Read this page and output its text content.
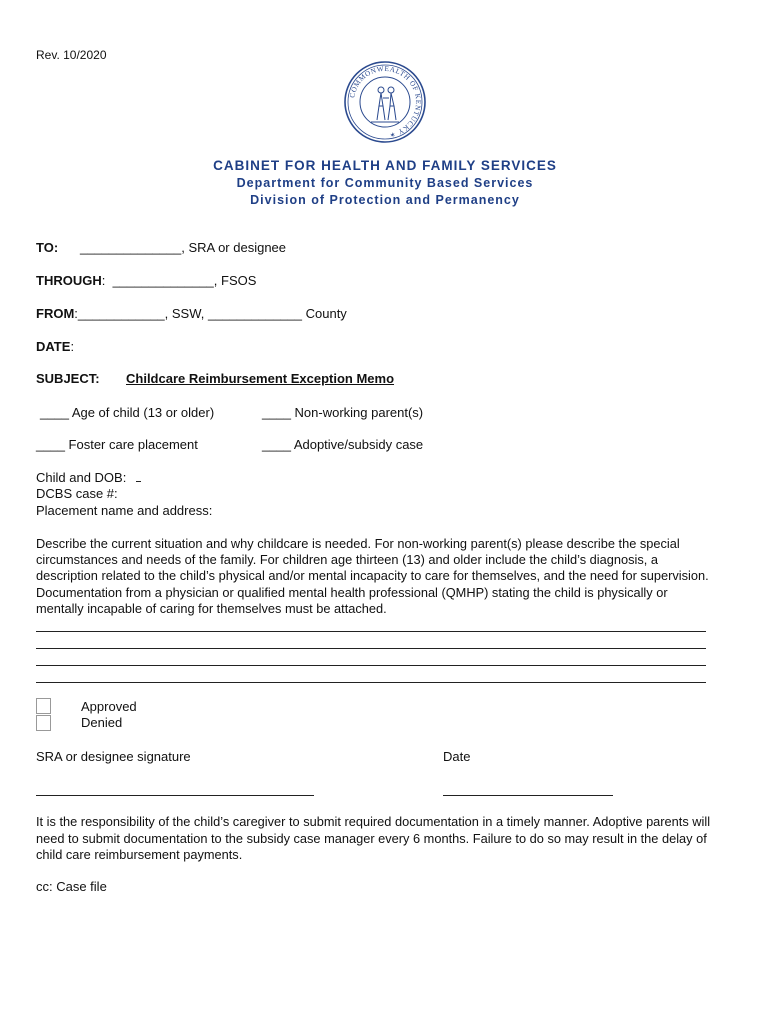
Rev. 10/2020
COMMONWEALTH OF KENTUCKY ✶
CABINET FOR HEALTH AND FAMILY SERVICES
Department for Community Based Services
Division of Protection and Permanency
TO: ______________, SRA or designee
THROUGH:  ______________, FSOS
FROM:____________, SSW, _____________ County
DATE:
SUBJECT: Childcare Reimbursement Exception Memo
____ Age of child (13 or older)	____ Non-working parent(s)
____ Foster care placement	____ Adoptive/subsidy case
Child and DOB:
DCBS case #:
Placement name and address:
Describe the current situation and why childcare is needed. For non-working parent(s) please describe the special circumstances and needs of the family. For children age thirteen (13) and older include the child’s diagnosis, a description related to the child’s physical and/or mental incapacity to care for themselves, and the need for supervision. Documentation from a physician or qualified mental health professional (QMHP) stating the child is physically or mentally incapable of caring for themselves must be attached.
Approved
Denied
SRA or designee signature	Date
It is the responsibility of the child’s caregiver to submit required documentation in a timely manner. Adoptive parents will need to submit documentation to the subsidy case manager every 6 months. Failure to do so may result in the delay of child care reimbursement payments.
cc: Case file
